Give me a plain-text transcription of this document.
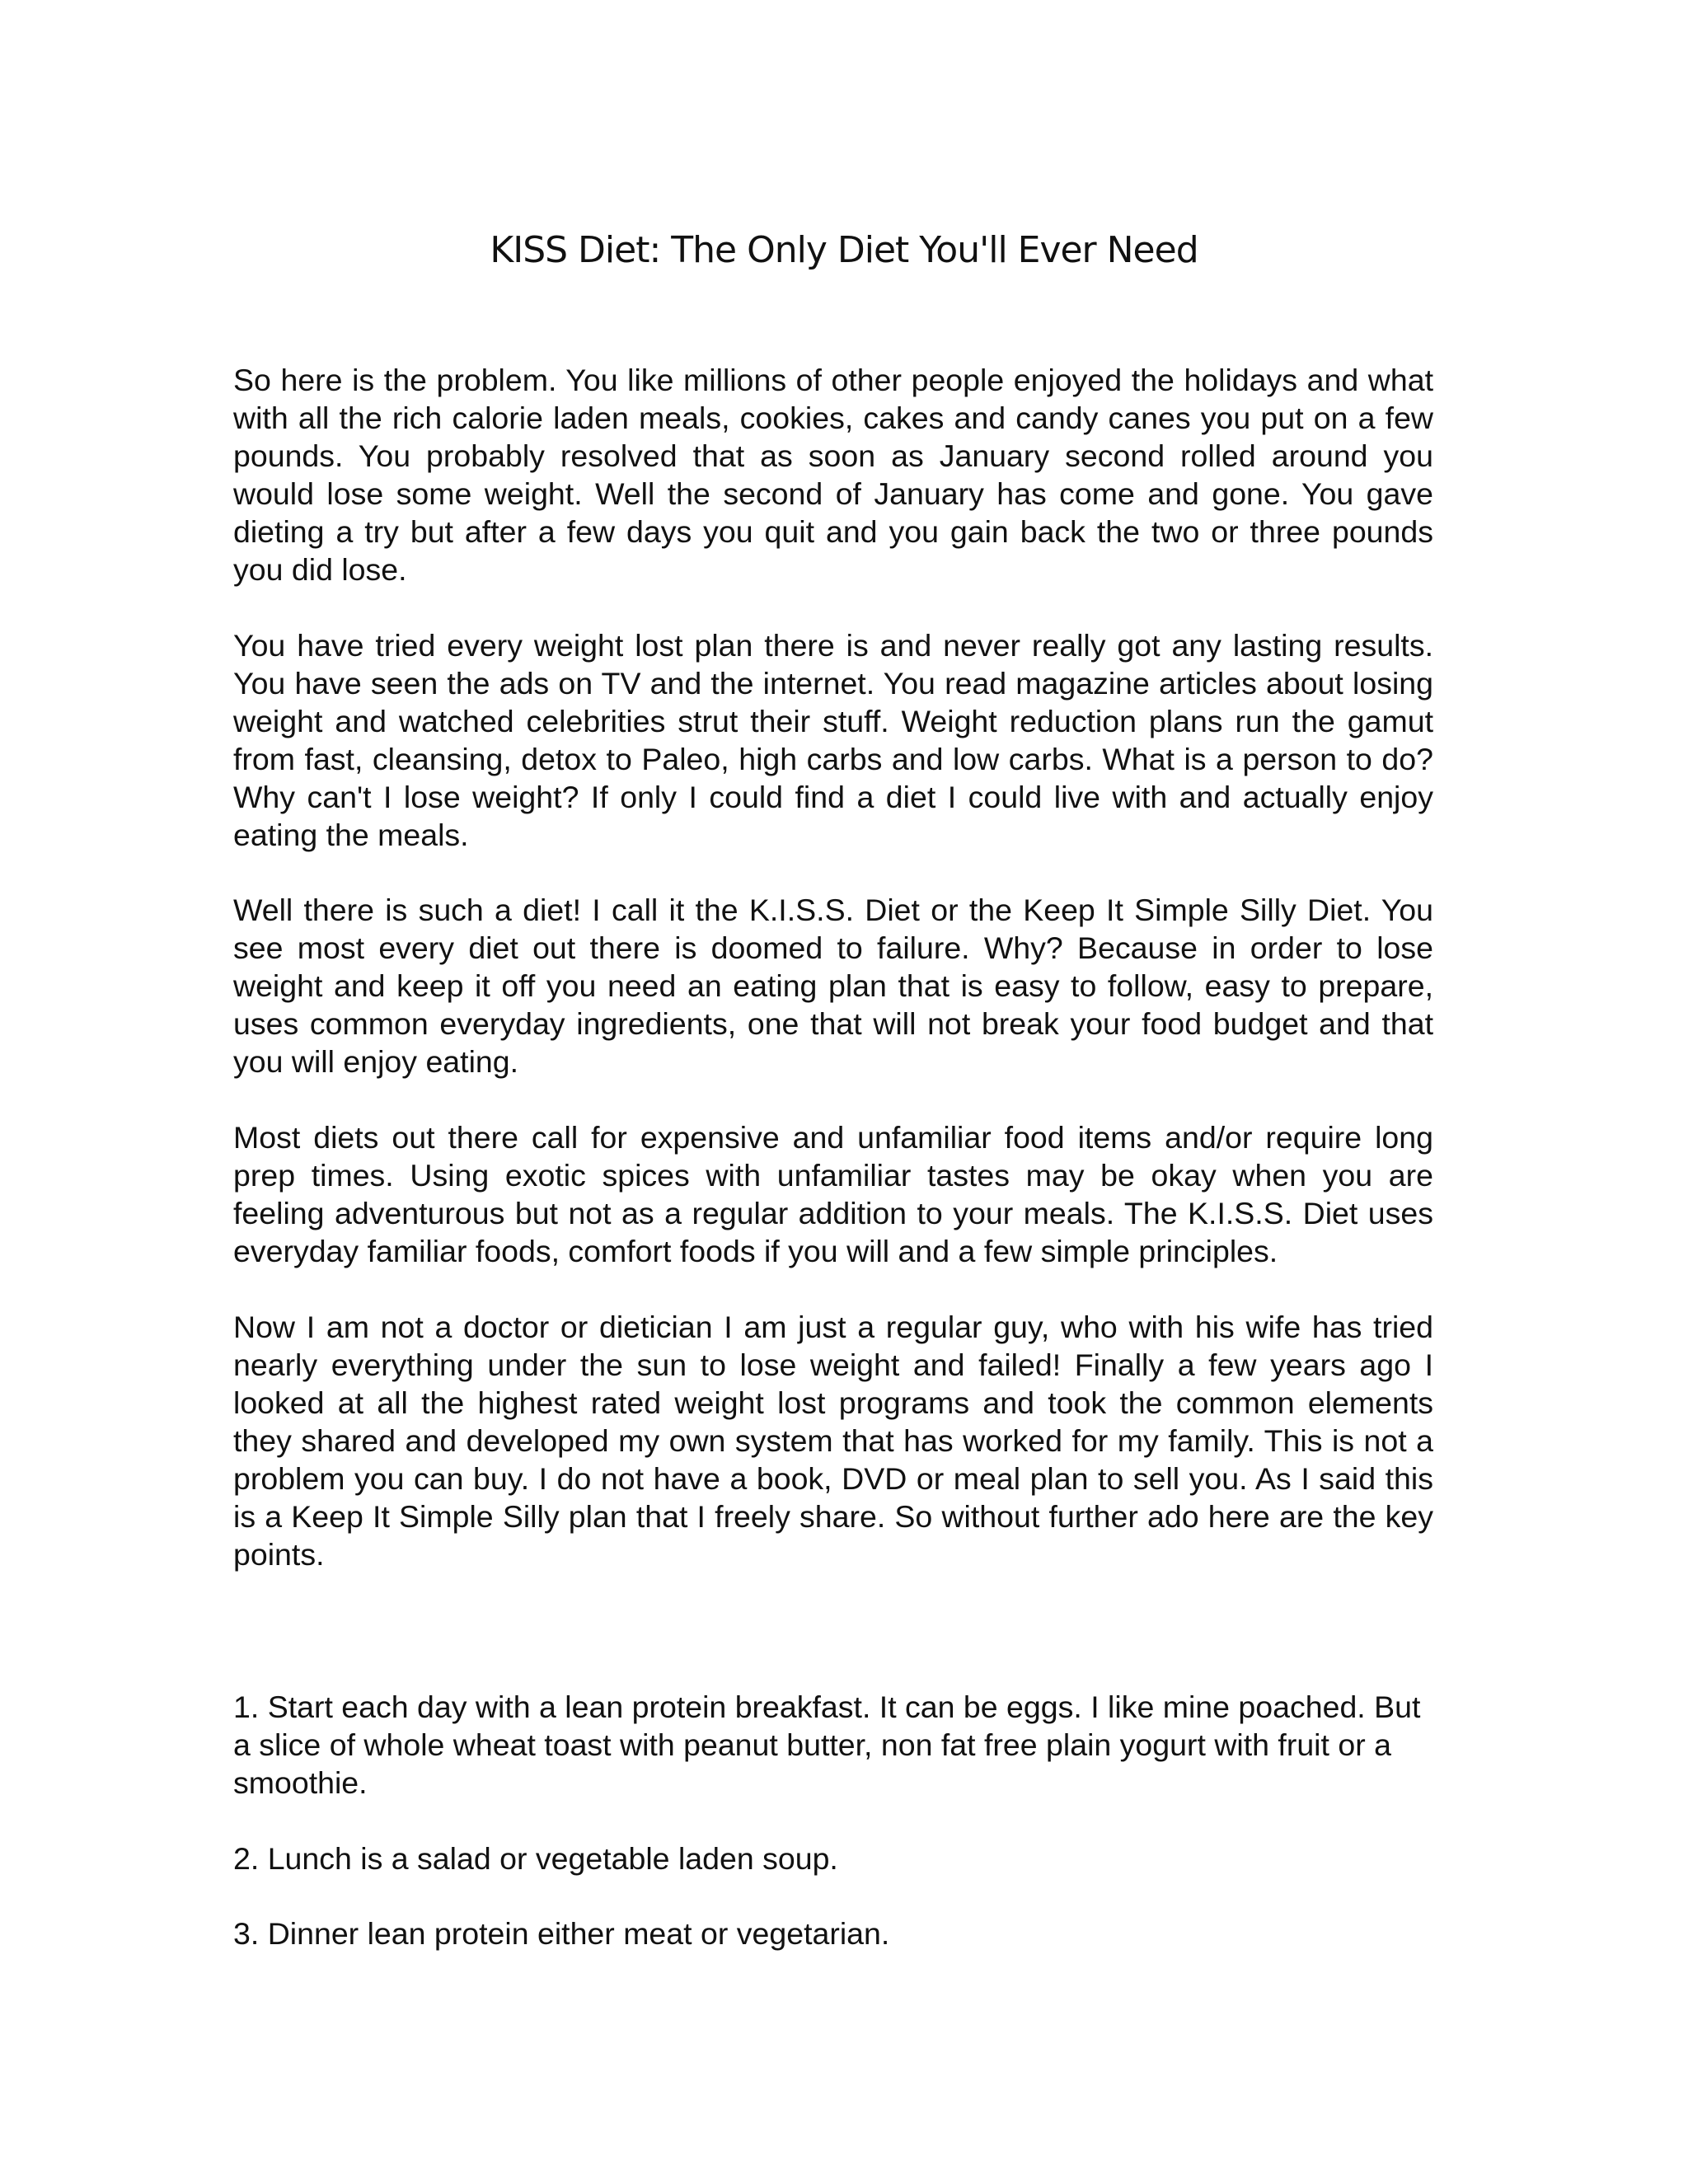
KISS Diet: The Only Diet You'll Ever Need

So here is the problem. You like millions of other people enjoyed the holidays and what with all the rich calorie laden meals, cookies, cakes and candy canes you put on a few pounds. You probably resolved that as soon as January second rolled around you would lose some weight. Well the second of January has come and gone. You gave dieting a try but after a few days you quit and you gain back the two or three pounds you did lose.

You have tried every weight lost plan there is and never really got any lasting results. You have seen the ads on TV and the internet. You read magazine articles about losing weight and watched celebrities strut their stuff. Weight reduction plans run the gamut from fast, cleansing, detox to Paleo, high carbs and low carbs. What is a person to do? Why can't I lose weight? If only I could find a diet I could live with and actually enjoy eating the meals.

Well there is such a diet! I call it the K.I.S.S. Diet or the Keep It Simple Silly Diet. You see most every diet out there is doomed to failure. Why? Because in order to lose weight and keep it off you need an eating plan that is easy to follow, easy to prepare, uses common everyday ingredients, one that will not break your food budget and that you will enjoy eating.

Most diets out there call for expensive and unfamiliar food items and/or require long prep times. Using exotic spices with unfamiliar tastes may be okay when you are feeling adventurous but not as a regular addition to your meals. The K.I.S.S. Diet uses everyday familiar foods, comfort foods if you will and a few simple principles.

Now I am not a doctor or dietician I am just a regular guy, who with his wife has tried nearly everything under the sun to lose weight and failed! Finally a few years ago I looked at all the highest rated weight lost programs and took the common elements they shared and developed my own system that has worked for my family. This is not a problem you can buy. I do not have a book, DVD or meal plan to sell you. As I said this is a Keep It Simple Silly plan that I freely share. So without further ado here are the key points.

1. Start each day with a lean protein breakfast. It can be eggs. I like mine poached. But a slice of whole wheat toast with peanut butter, non fat free plain yogurt with fruit or a smoothie.

2. Lunch is a salad or vegetable laden soup.

3. Dinner lean protein either meat or vegetarian.
